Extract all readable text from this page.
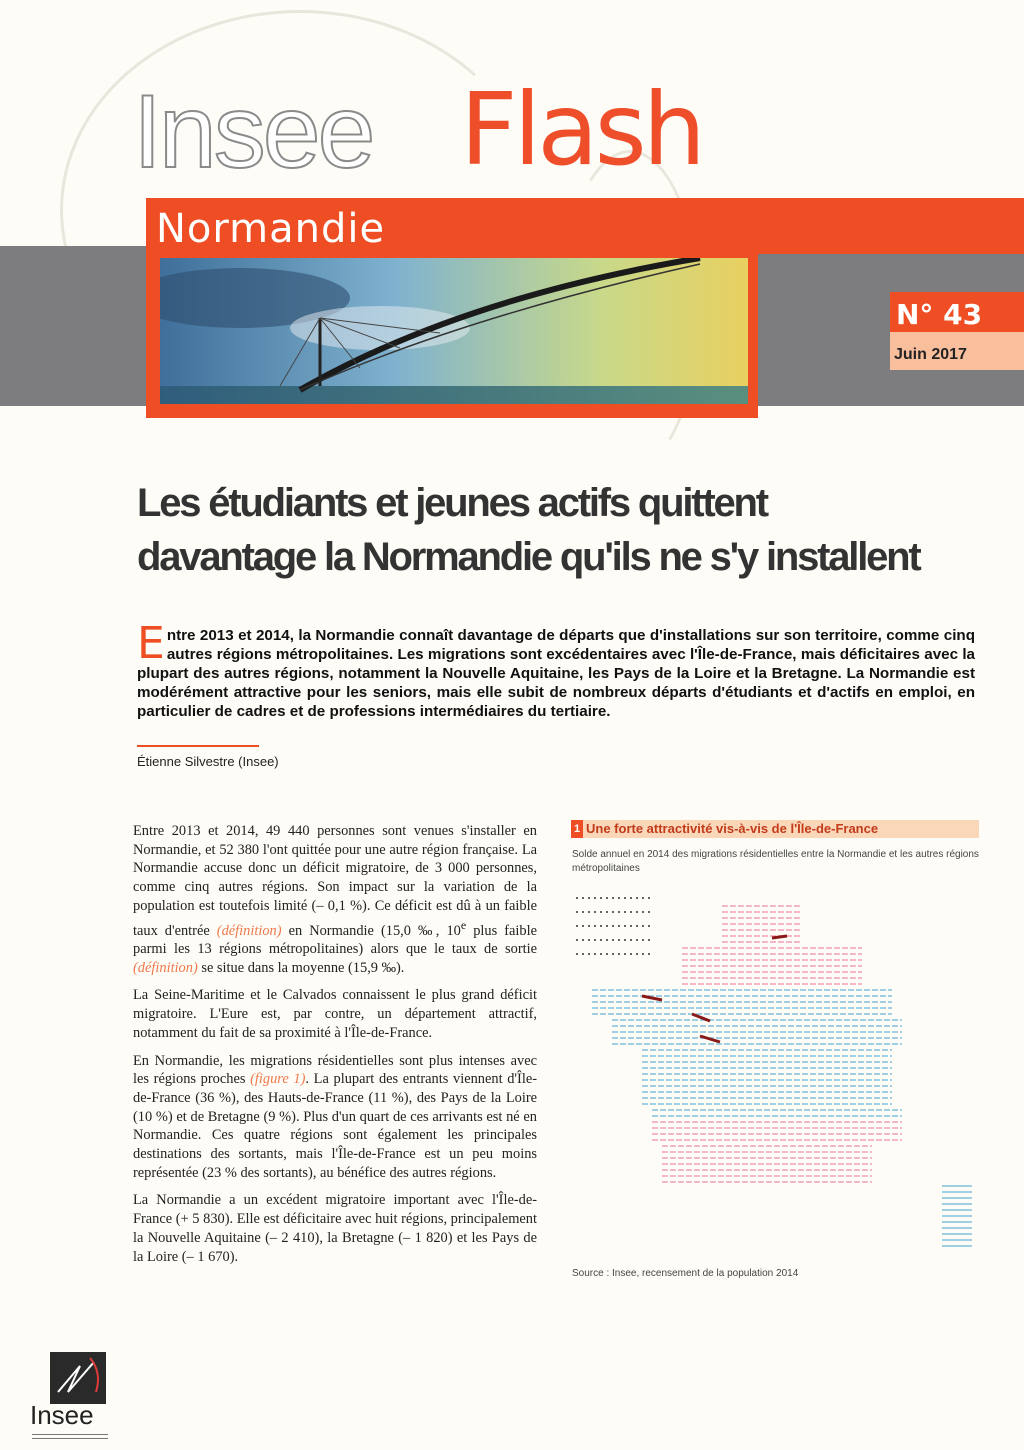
Insee Flash
Normandie
N° 43
Juin 2017
Les étudiants et jeunes actifs quittent davantage la Normandie qu'ils ne s'y installent
Entre 2013 et 2014, la Normandie connaît davantage de départs que d'installations sur son territoire, comme cinq autres régions métropolitaines. Les migrations sont excédentaires avec l'Île-de-France, mais déficitaires avec la plupart des autres régions, notamment la Nouvelle Aquitaine, les Pays de la Loire et la Bretagne. La Normandie est modérément attractive pour les seniors, mais elle subit de nombreux départs d'étudiants et d'actifs en emploi, en particulier de cadres et de professions intermédiaires du tertiaire.
Étienne Silvestre (Insee)

Entre 2013 et 2014, 49 440 personnes sont venues s'installer en Normandie, et 52 380 l'ont quittée pour une autre région française. La Normandie accuse donc un déficit migratoire, de 3 000 personnes, comme cinq autres régions. Son impact sur la variation de la population est toutefois limité (– 0,1 %). Ce déficit est dû à un faible taux d'entrée (définition) en Normandie (15,0 ‰, 10e plus faible parmi les 13 régions métropolitaines) alors que le taux de sortie (définition) se situe dans la moyenne (15,9 ‰).

La Seine-Maritime et le Calvados connaissent le plus grand déficit migratoire. L'Eure est, par contre, un département attractif, notamment du fait de sa proximité à l'Île-de-France.

En Normandie, les migrations résidentielles sont plus intenses avec les régions proches (figure 1). La plupart des entrants viennent d'Île-de-France (36 %), des Hauts-de-France (11 %), des Pays de la Loire (10 %) et de Bretagne (9 %). Plus d'un quart de ces arrivants est né en Normandie. Ces quatre régions sont également les principales destinations des sortants, mais l'Île-de-France est un peu moins représentée (23 % des sortants), au bénéfice des autres régions.

La Normandie a un excédent migratoire important avec l'Île-de-France (+ 5 830). Elle est déficitaire avec huit régions, principalement la Nouvelle Aquitaine (– 2 410), la Bretagne (– 1 820) et les Pays de la Loire (– 1 670).

1 Une forte attractivité vis-à-vis de l'Île-de-France
Solde annuel en 2014 des migrations résidentielles entre la Normandie et les autres régions métropolitaines
Source : Insee, recensement de la population 2014
Insee
